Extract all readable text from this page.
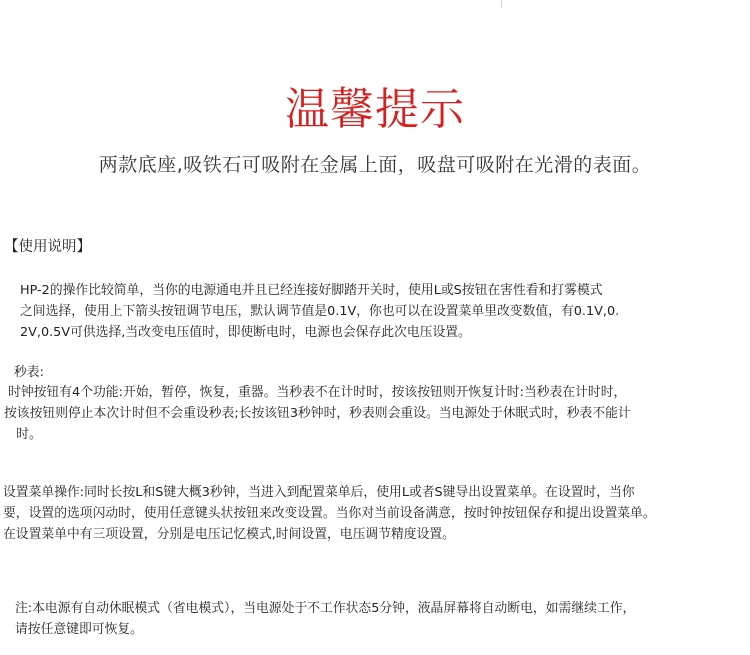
温馨提示
两款底座,吸铁石可吸附在金属上面，吸盘可吸附在光滑的表面。
【使用说明】
HP-2的操作比较简单，当你的电源通电并且已经连接好脚踏开关时，使用L或S按钮在害性看和打雾模式
之间选择，使用上下箭头按钮调节电压，默认调节值是0.1V，你也可以在设置菜单里改变数值，有0.1V,0.
2V,0.5V可供选择,当改变电压值时，即使断电时，电源也会保存此次电压设置。
秒表:
时钟按钮有4个功能:开始，暂停，恢复，重器。当秒表不在计时时，按该按钮则开恢复计时:当秒表在计时时，
按该按钮则停止本次计时但不会重设秒表;长按该钮3秒钟时，秒表则会重设。当电源处于休眠式时，秒表不能计
时。
设置菜单操作:同时长按L和S键大概3秒钟，当进入到配置菜单后，使用L或者S键导出设置菜单。在设置时，当你
要，设置的选项闪动时，使用任意键头状按钮来改变设置。当你对当前设备满意，按时钟按钮保存和提出设置菜单。
在设置菜单中有三项设置，分别是电压记忆模式,时间设置，电压调节精度设置。
注:本电源有自动休眠模式（省电模式），当电源处于不工作状态5分钟，液晶屏幕将自动断电，如需继续工作，
请按任意键即可恢复。
